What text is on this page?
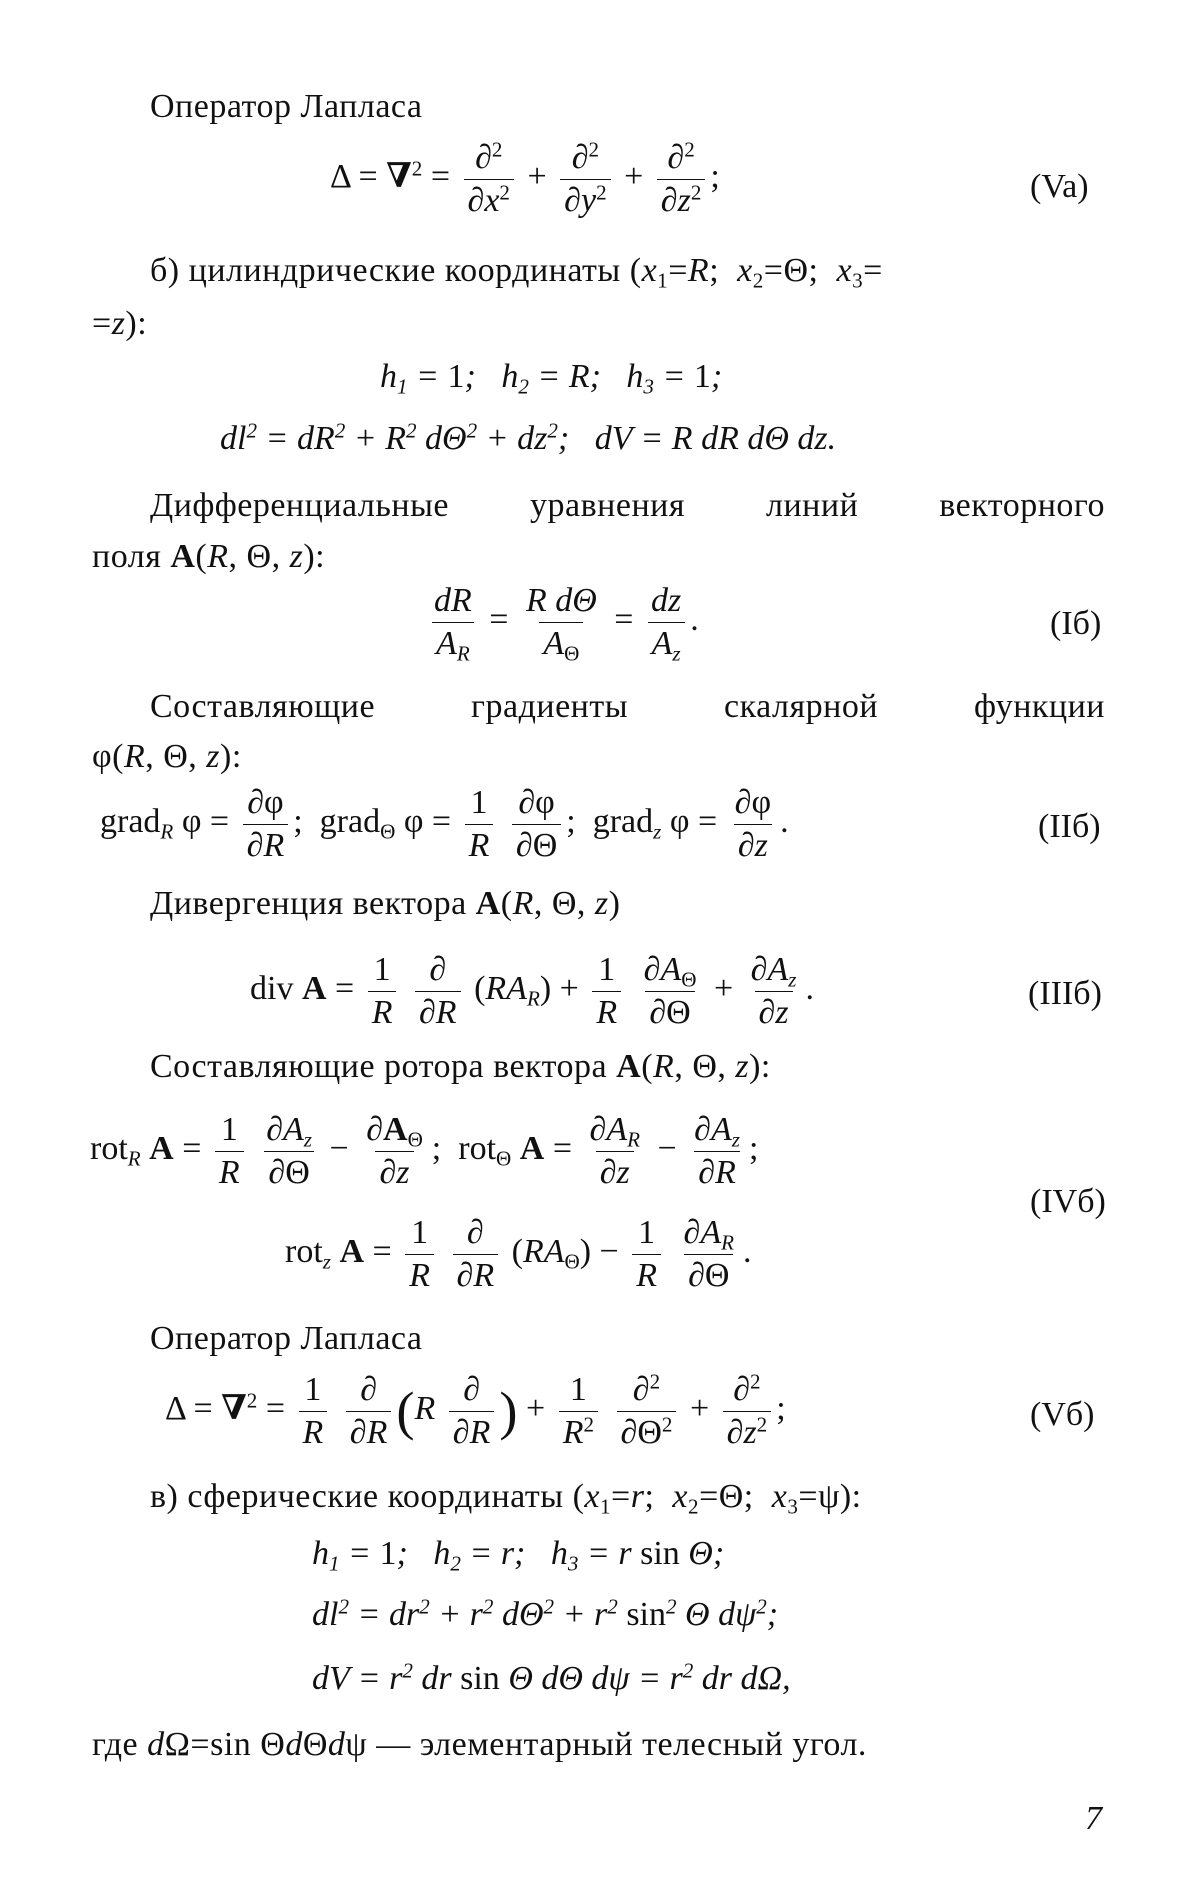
Оператор Лапласа
$\Delta = \nabla^2 = \frac{\partial^2}{\partial x^2} + \frac{\partial^2}{\partial y^2} + \frac{\partial^2}{\partial z^2}$ ;	(Va)
б) цилиндрические координаты ($x_1=R$;  $x_2=\Theta$;  $x_3=$
=z):
$h_1 = 1$;   $h_2 = R$;   $h_3 = 1$;
$dl^2 = dR^2 + R^2$ $d\Theta^2 + dz^2$;   dV = R dR dΘ dz.
Дифференциальные уравнения линий векторного
поля A(R, Θ, z):
$\frac{dR}{A_R} = \frac{\text{R dΘ}}{A_\Theta} = \frac{dz}{A_z}$ .	(Iб)
Составляющие градиенты скалярной функции
φ(R, Θ, z):
grad$_R$ $\varphi = \frac{\partial\varphi}{\partial R}$ ;  grad$_\Theta$ $\varphi = \frac{1}{R}$
$\frac{\partial\varphi}{\partial\Theta}$ ;  grad$_z$ $\varphi = \frac{\partial\varphi}{\partial z}$ .	(IIб)
Дивергенция вектора A(R, Θ, z)
div $A = \frac{1}{R}$
$\frac{\partial}{\partial R} (RA_R) + \frac{1}{R}$
$\frac{\partial A_\Theta}{\partial\Theta} + \frac{\partial A_z}{\partial z}$ .	(IIIб)
Составляющие ротора вектора A(R, Θ, z):
rot$_R$ $A = \frac{1}{R}$
$\frac{\partial A_z}{\partial\Theta} - \frac{\partial A_\Theta}{\partial z}$ ;  rot$_\Theta$ $A = \frac{\partial A_R}{\partial z} - \frac{\partial A_z}{\partial R}$ ;
(IVб)
rot$_z$ $A = \frac{1}{R}$
$\frac{\partial}{\partial R} (RA_\Theta) - \frac{1}{R}$
$\frac{\partial A_R}{\partial\Theta}$ .
Оператор Лапласа
$\Delta = \nabla^2 = \frac{1}{R}$
$\frac{\partial}{\partial R} (R \frac{\partial}{\partial R}$ ) + $\frac{1}{R^2}$
$\frac{\partial^2}{\partial\Theta^2} + \frac{\partial^2}{\partial z^2}$ ;	(Vб)
в) сферические координаты ($x_1=r$;  $x_2=\Theta$;  $x_3=\psi$):
$h_1 = 1$;   $h_2 = r$;   $h_3 = r$ sin Θ;
$dl^2 = dr^2 + r^2$ $d\Theta^2 + r^2$ $\sin^2 \Theta$ $d\psi^2$;
dV = $r^2$ dr sin Θ dΘ $d\psi = r^2$ dr dΩ,
где dΩ=sin ΘdΘdψ — элементарный телесный угол.
7
